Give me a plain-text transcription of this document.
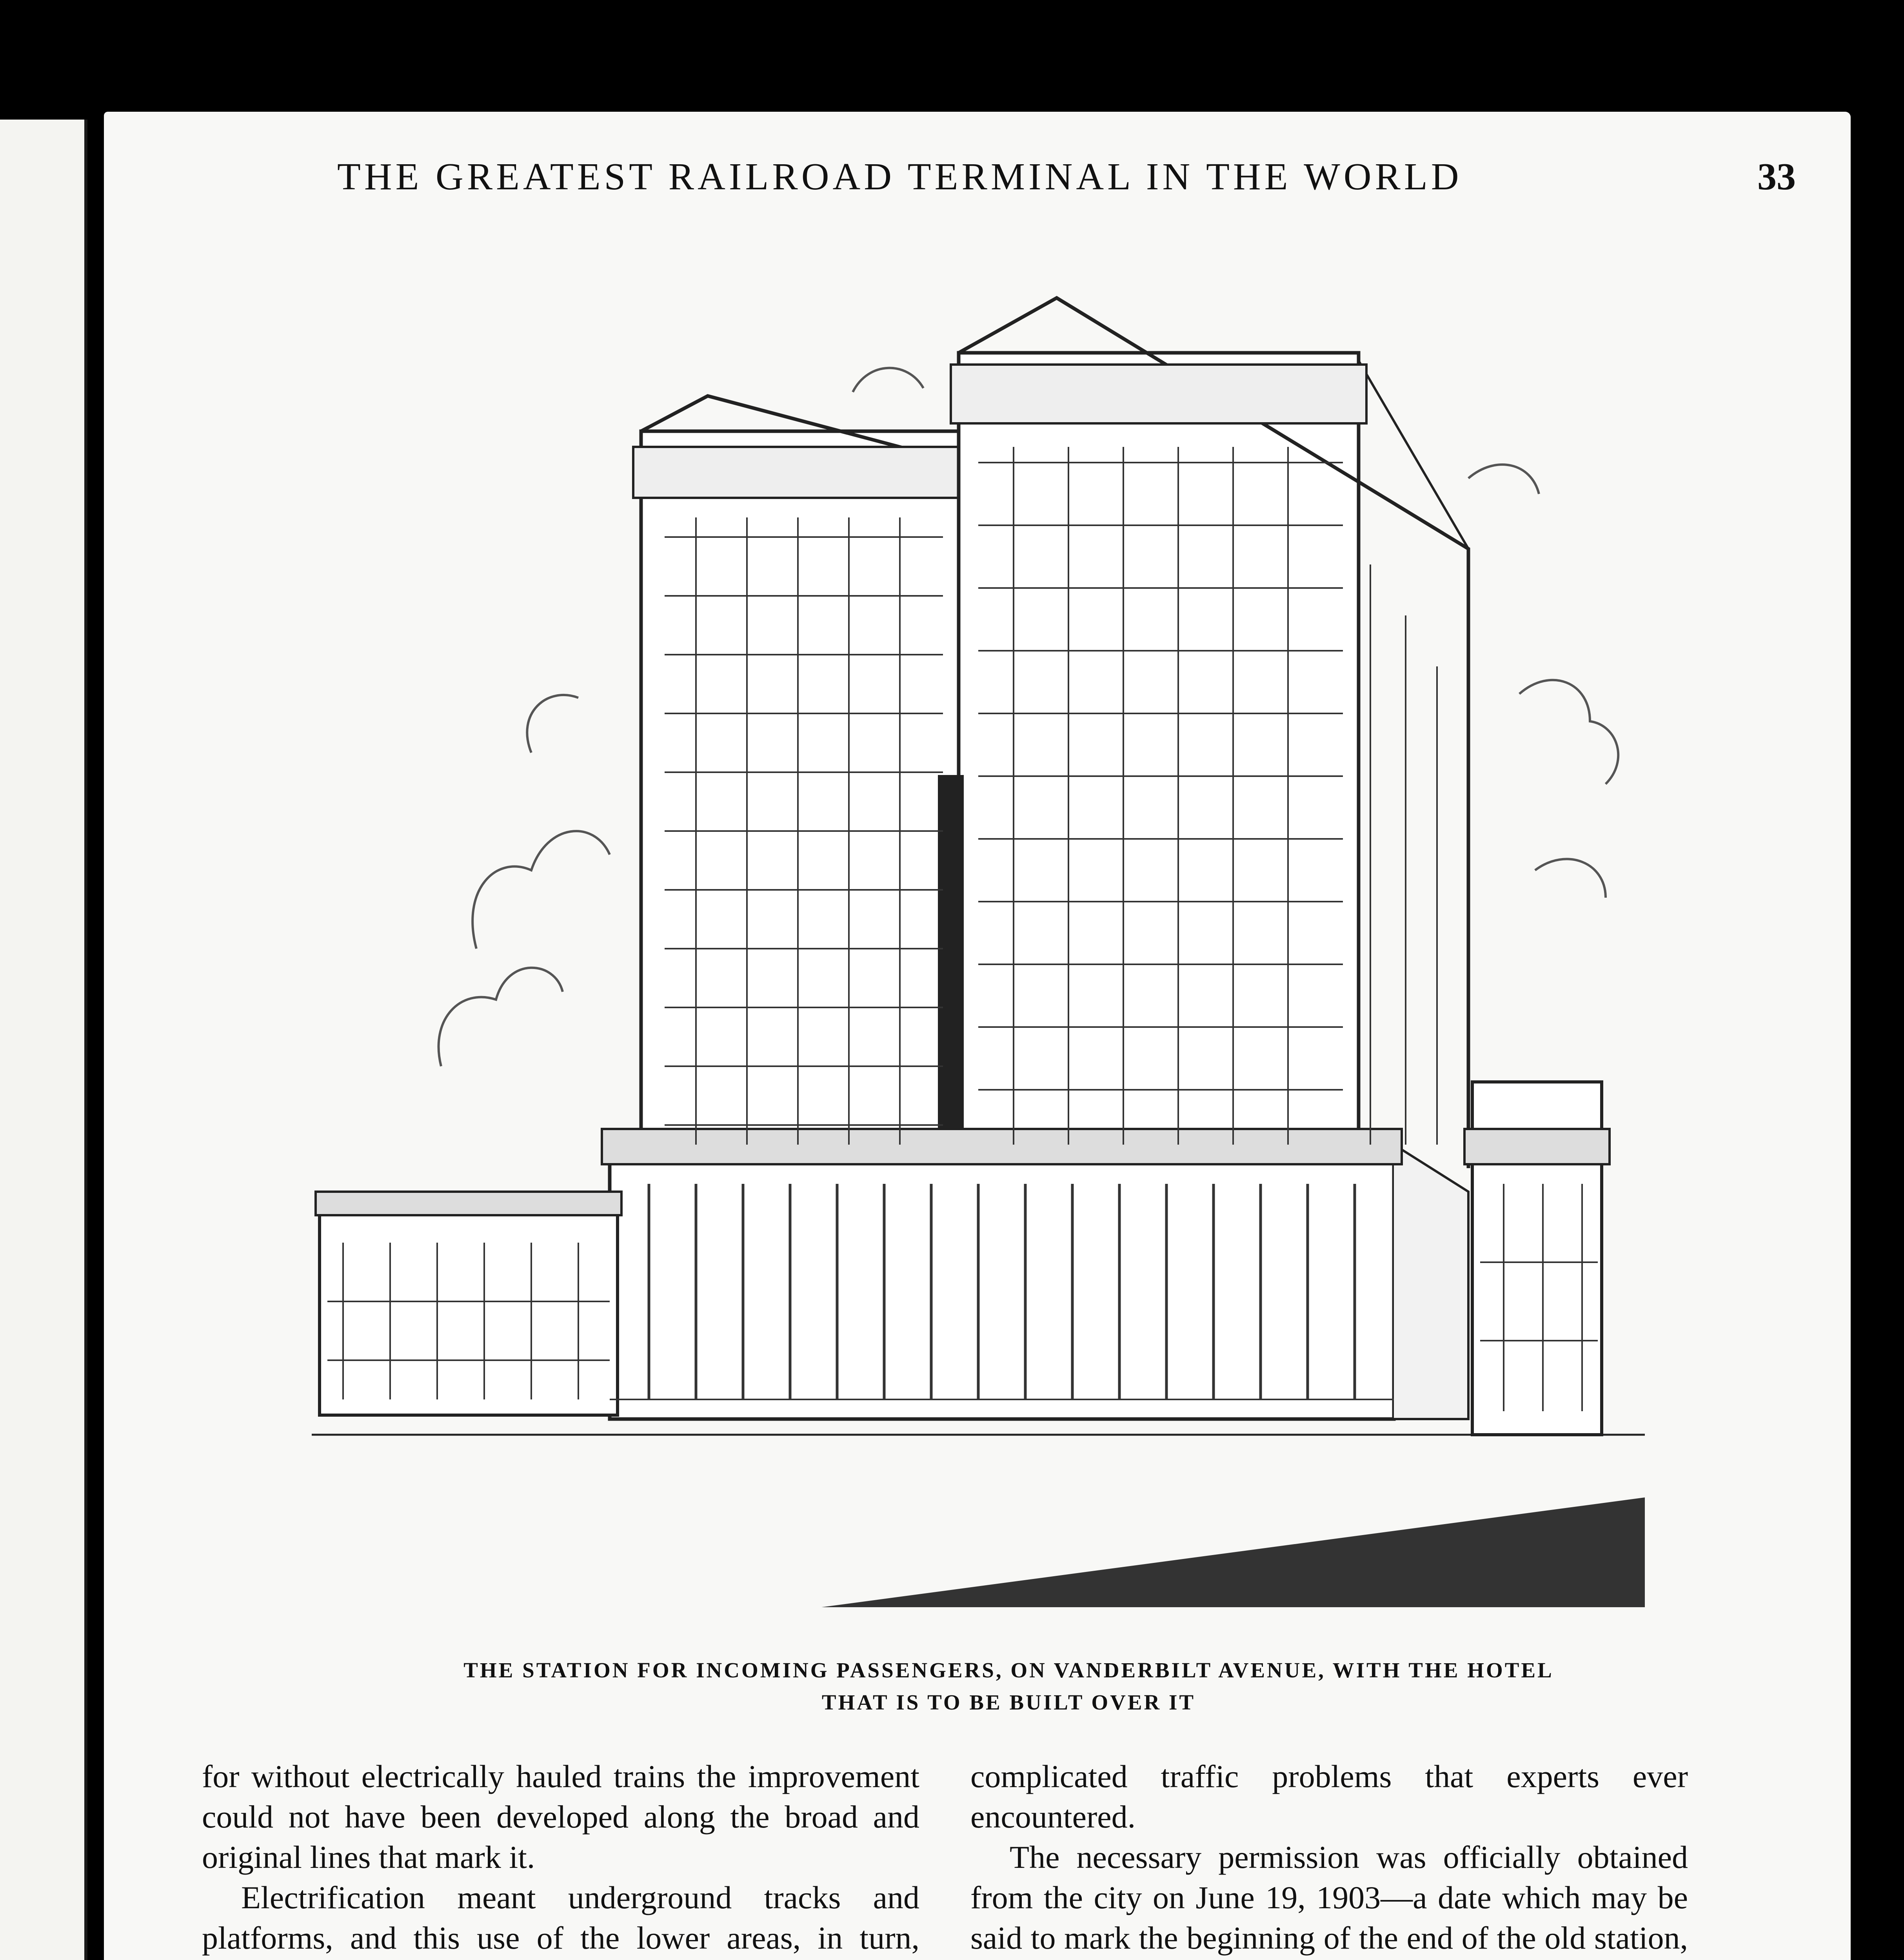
THE GREATEST RAILROAD TERMINAL IN THE WORLD	33
THE STATION FOR INCOMING PASSENGERS, ON VANDERBILT AVENUE, WITH THE HOTEL
THAT IS TO BE BUILT OVER IT

for without electrically hauled trains the improvement could not have been developed along the broad and original lines that mark it.

Electrification meant underground tracks and platforms, and this use of the lower areas, in turn,

complicated traffic problems that experts ever encountered.

The necessary permission was officially obtained from the city on June 19, 1903—a date which may be said to mark the beginning of the end of the old station,
